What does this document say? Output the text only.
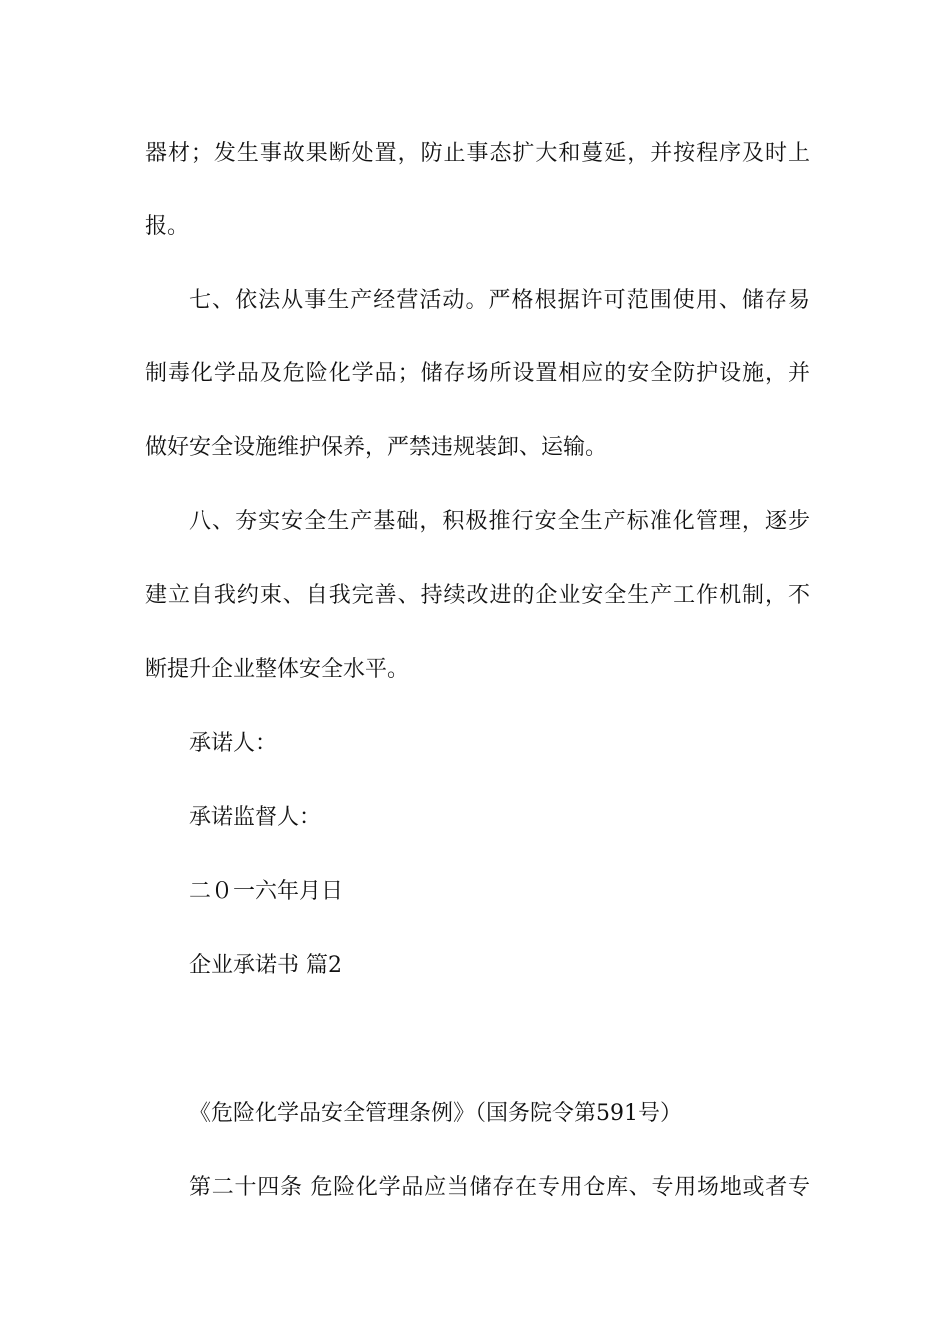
器材；发生事故果断处置，防止事态扩大和蔓延，并按程序及时上
报。
七、依法从事生产经营活动。严格根据许可范围使用、储存易
制毒化学品及危险化学品；储存场所设置相应的安全防护设施，并
做好安全设施维护保养，严禁违规装卸、运输。
八、夯实安全生产基础，积极推行安全生产标准化管理，逐步
建立自我约束、自我完善、持续改进的企业安全生产工作机制，不
断提升企业整体安全水平。
承诺人：
承诺监督人：
二０一六年月日
企业承诺书 篇2
《危险化学品安全管理条例》（国务院令第591号）
第二十四条 危险化学品应当储存在专用仓库、专用场地或者专
